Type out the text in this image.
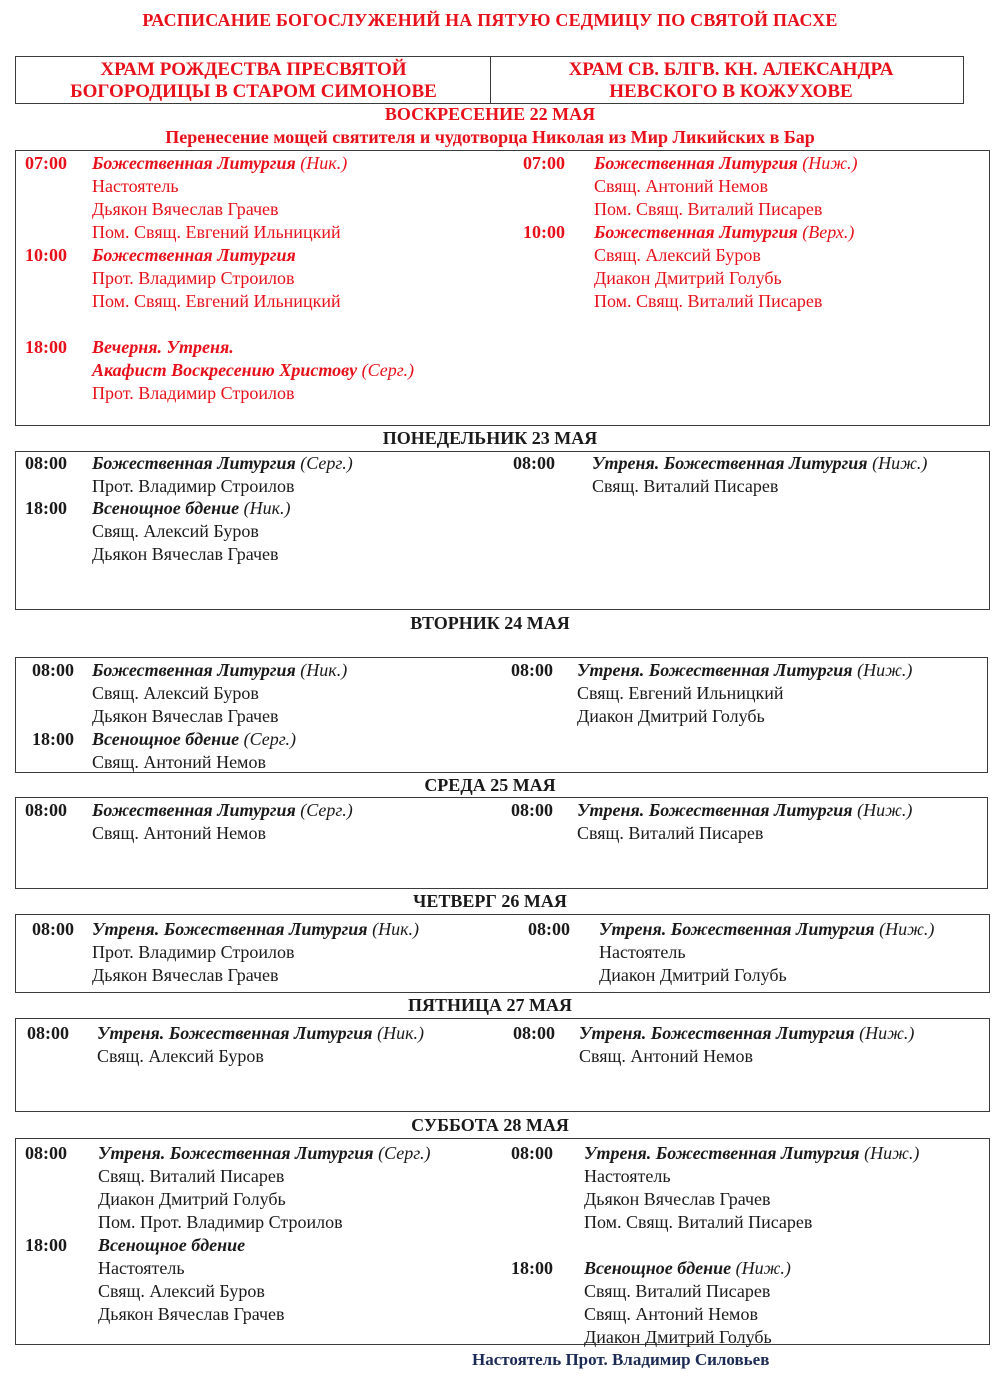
РАСПИСАНИЕ БОГОСЛУЖЕНИЙ НА ПЯТУЮ СЕДМИЦУ ПО СВЯТОЙ ПАСХЕ
ХРАМ РОЖДЕСТВА ПРЕСВЯТОЙ БОГОРОДИЦЫ В СТАРОМ СИМОНОВЕ
ХРАМ СВ. БЛГВ. КН. АЛЕКСАНДРА НЕВСКОГО В КОЖУХОВЕ
ВОСКРЕСЕНИЕ 22 МАЯ
Перенесение мощей святителя и чудотворца Николая из Мир Ликийских в Бар
ПОНЕДЕЛЬНИК 23 МАЯ
ВТОРНИК 24 МАЯ
СРЕДА 25 МАЯ
ЧЕТВЕРГ 26 МАЯ
ПЯТНИЦА 27 МАЯ
СУББОТА 28 МАЯ
07:00 Божественная Литургия (Ник.)
Настоятель
Дьякон Вячеслав Грачев
Пом. Свящ. Евгений Ильницкий
10:00 Божественная Литургия
Прот. Владимир Строилов
Пом. Свящ. Евгений Ильницкий
18:00 Вечерня. Утреня.
Акафист Воскресению Христову (Серг.)
Прот. Владимир Строилов
07:00 Божественная Литургия (Ниж.)
Свящ. Антоний Немов
Пом. Свящ. Виталий Писарев
10:00 Божественная Литургия (Верх.)
Свящ. Алексий Буров
Диакон Дмитрий Голубь
Пом. Свящ. Виталий Писарев
08:00 Божественная Литургия (Серг.)
Прот. Владимир Строилов
18:00 Всенощное бдение (Ник.)
Свящ. Алексий Буров
Дьякон Вячеслав Грачев
08:00 Утреня. Божественная Литургия (Ниж.)
Свящ. Виталий Писарев
08:00 Божественная Литургия (Ник.)
Свящ. Алексий Буров
Дьякон Вячеслав Грачев
18:00 Всенощное бдение (Серг.)
Свящ. Антоний Немов
08:00 Утреня. Божественная Литургия (Ниж.)
Свящ. Евгений Ильницкий
Диакон Дмитрий Голубь
08:00 Божественная Литургия (Серг.)
Свящ. Антоний Немов
08:00 Утреня. Божественная Литургия (Ниж.)
Свящ. Виталий Писарев
08:00 Утреня. Божественная Литургия (Ник.)
Прот. Владимир Строилов
Дьякон Вячеслав Грачев
08:00 Утреня. Божественная Литургия (Ниж.)
Настоятель
Диакон Дмитрий Голубь
08:00 Утреня. Божественная Литургия (Ник.)
Свящ. Алексий Буров
08:00 Утреня. Божественная Литургия (Ниж.)
Свящ. Антоний Немов
08:00 Утреня. Божественная Литургия (Серг.)
Свящ. Виталий Писарев
Диакон Дмитрий Голубь
Пом. Прот. Владимир Строилов
18:00 Всенощное бдение
Настоятель
Свящ. Алексий Буров
Дьякон Вячеслав Грачев
08:00 Утреня. Божественная Литургия (Ниж.)
Настоятель
Дьякон Вячеслав Грачев
Пом. Свящ. Виталий Писарев
18:00 Всенощное бдение (Ниж.)
Свящ. Виталий Писарев
Свящ. Антоний Немов
Диакон Дмитрий Голубь
Настоятель Прот. Владимир Силовьев
